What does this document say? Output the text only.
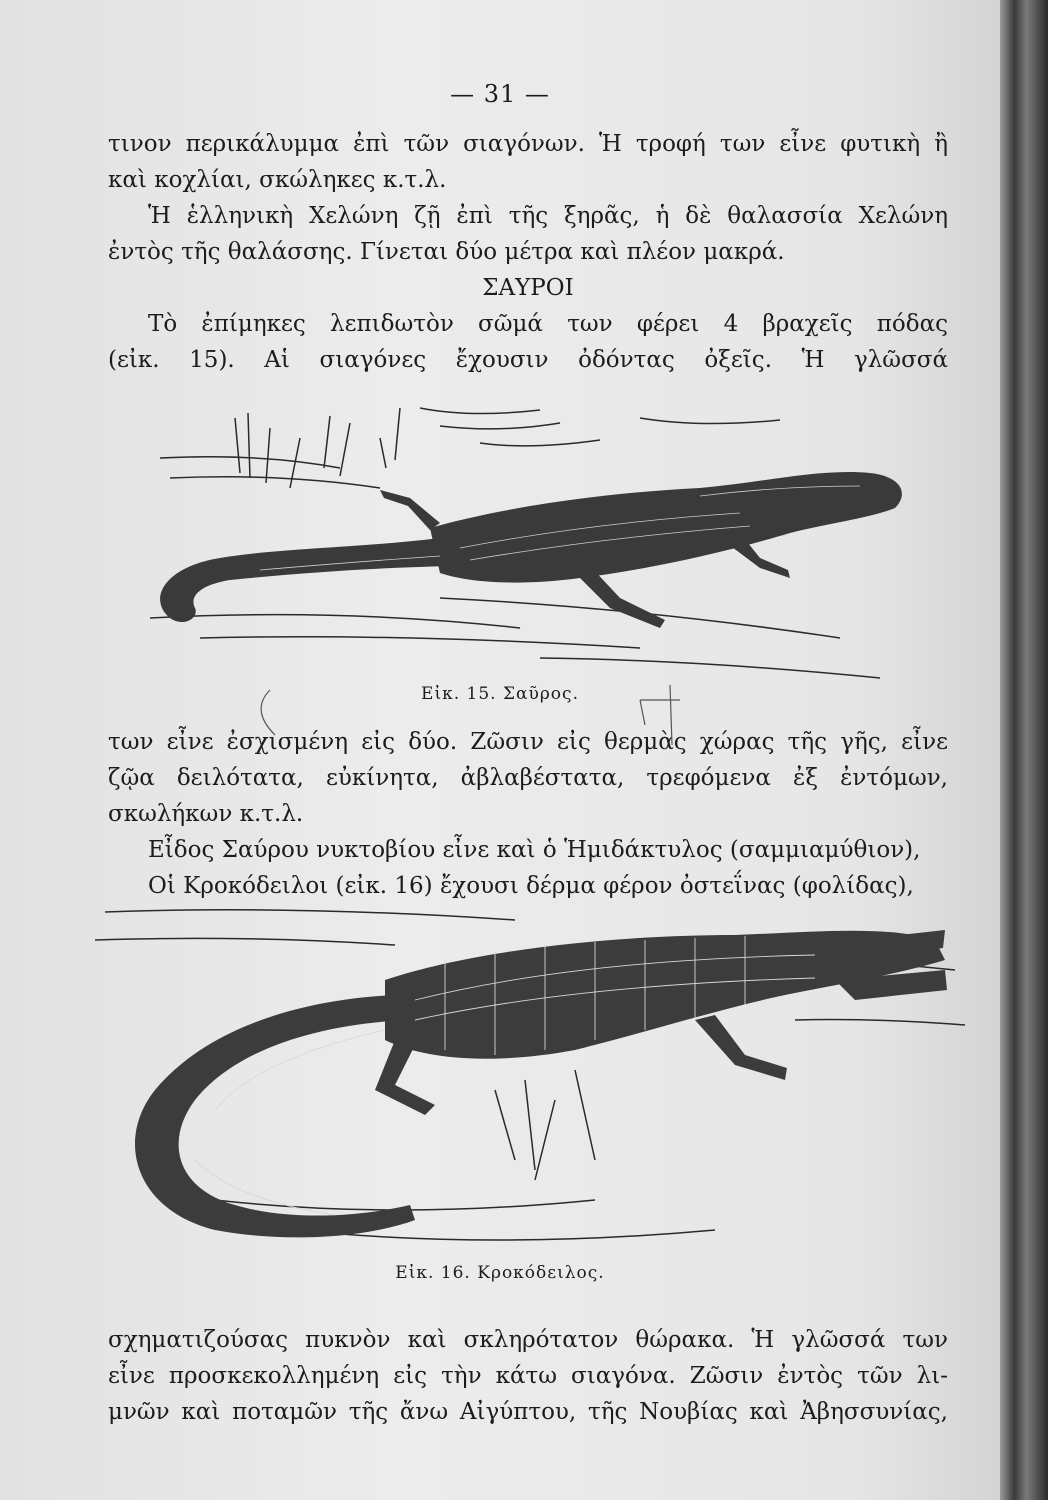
— 31 —

τινον περικάλυμμα ἐπὶ τῶν σιαγόνων. Ἡ τροφή των εἶνε φυτικὴ ἢ

καὶ κοχλίαι, σκώληκες κ.τ.λ.

Ἡ ἑλληνικὴ Χελώνη ζῇ ἐπὶ τῆς ξηρᾶς, ἡ δὲ θαλασσία Χελώνη

ἐντὸς τῆς θαλάσσης. Γίνεται δύο μέτρα καὶ πλέον μακρά.

ΣΑΥΡΟΙ

Τὸ ἐπίμηκες λεπιδωτὸν σῶμά των φέρει 4 βραχεῖς πόδας

(εἰκ. 15). Αἱ σιαγόνες ἔχουσιν ὀδόντας ὀξεῖς. Ἡ γλῶσσά

Εἰκ. 15. Σαῦρος.

των εἶνε ἐσχισμένη εἰς δύο. Ζῶσιν εἰς θερμὰς χώρας τῆς γῆς, εἶνε

ζῷα δειλότατα, εὐκίνητα, ἀβλαβέστατα, τρεφόμενα ἐξ ἐντόμων,

σκωλήκων κ.τ.λ.

Εἶδος Σαύρου νυκτοβίου εἶνε καὶ ὁ Ἡμιδάκτυλος (σαμμιαμύθιον),

Οἱ Κροκόδειλοι (εἰκ. 16) ἔχουσι δέρμα φέρον ὀστεΐνας (φολίδας),

Εἰκ. 16. Κροκόδειλος.

σχηματιζούσας πυκνὸν καὶ σκληρότατον θώρακα. Ἡ γλῶσσά των

εἶνε προσκεκολλημένη εἰς τὴν κάτω σιαγόνα. Ζῶσιν ἐντὸς τῶν λι-

μνῶν καὶ ποταμῶν τῆς ἄνω Αἰγύπτου, τῆς Νουβίας καὶ Ἀβησσυνίας,
